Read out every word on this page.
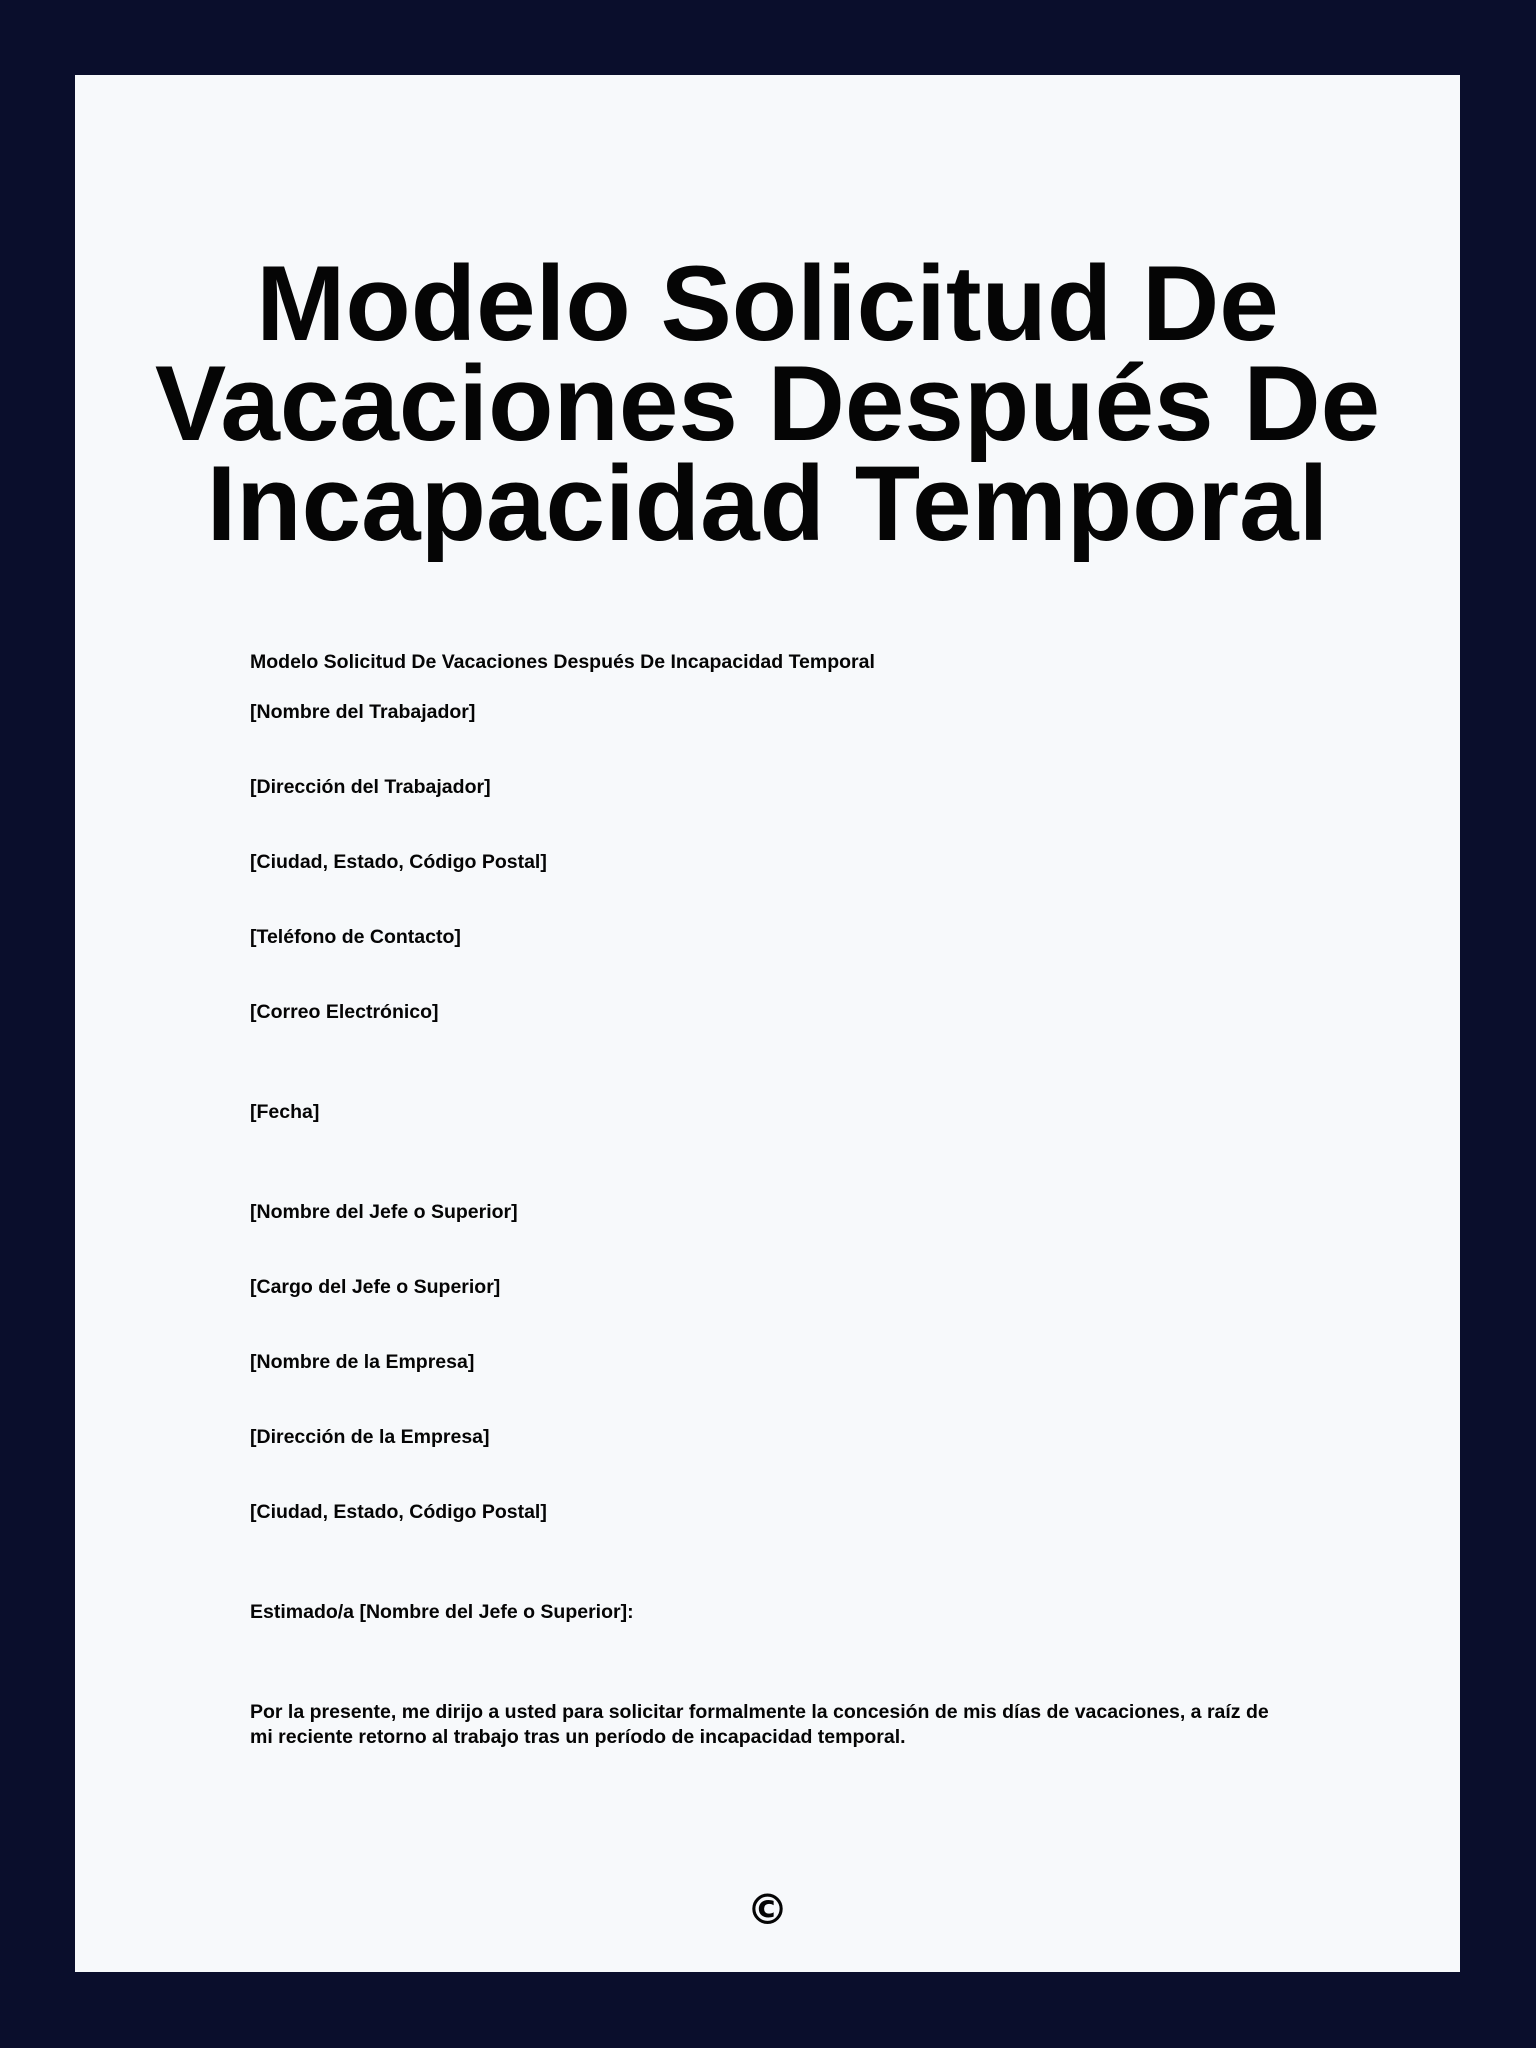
Modelo Solicitud De Vacaciones Después De Incapacidad Temporal

Modelo Solicitud De Vacaciones Después De Incapacidad Temporal

[Nombre del Trabajador]

[Dirección del Trabajador]

[Ciudad, Estado, Código Postal]

[Teléfono de Contacto]

[Correo Electrónico]

[Fecha]

[Nombre del Jefe o Superior]

[Cargo del Jefe o Superior]

[Nombre de la Empresa]

[Dirección de la Empresa]

[Ciudad, Estado, Código Postal]

Estimado/a [Nombre del Jefe o Superior]:

Por la presente, me dirijo a usted para solicitar formalmente la concesión de mis días de vacaciones, a raíz de mi reciente retorno al trabajo tras un período de incapacidad temporal.

©
